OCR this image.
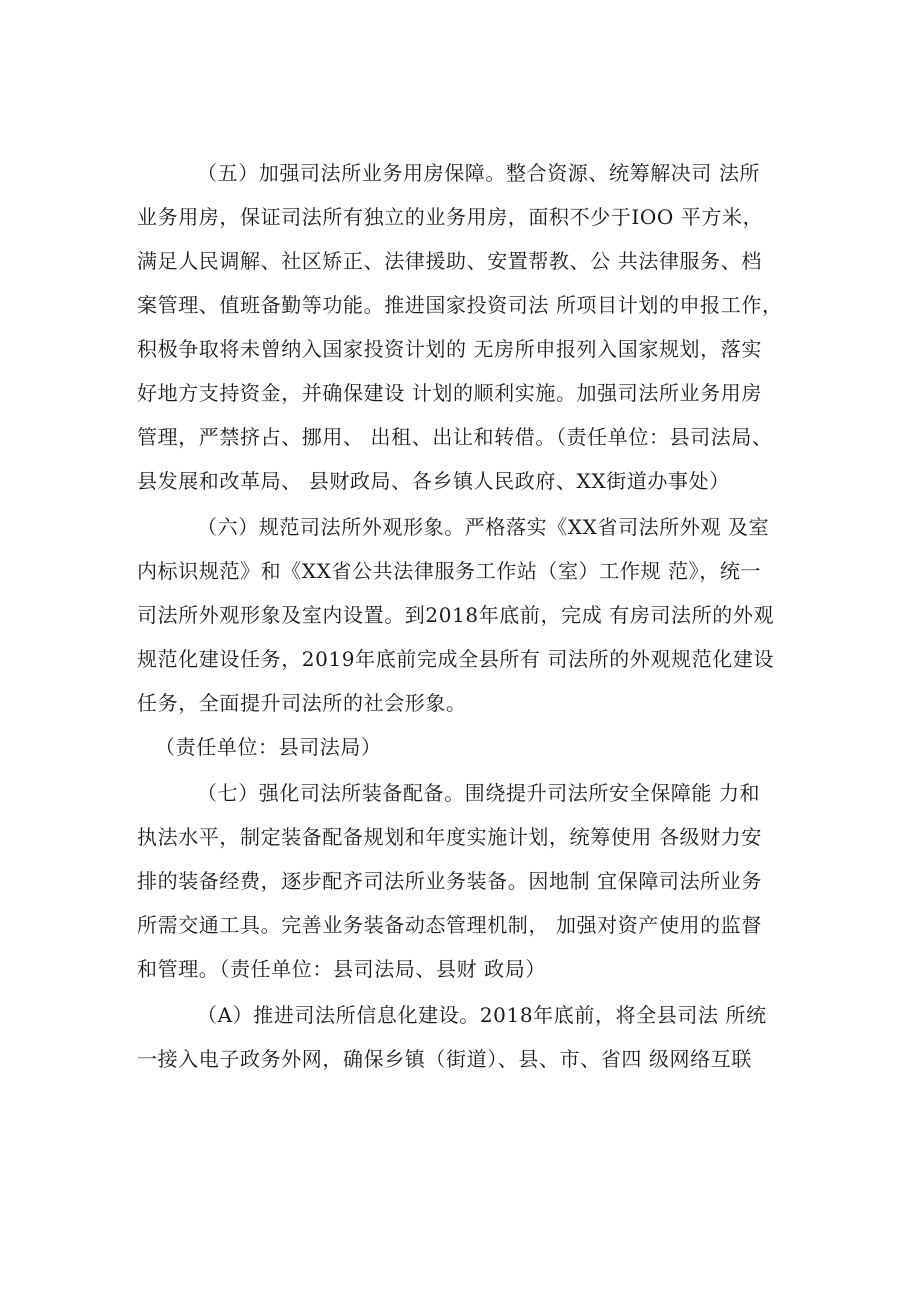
（五）加强司法所业务用房保障。整合资源、统筹解决司 法所
业务用房，保证司法所有独立的业务用房，面积不少于IOO 平方米，
满足人民调解、社区矫正、法律援助、安置帮教、公 共法律服务、档
案管理、值班备勤等功能。推进国家投资司法 所项目计划的申报工作，
积极争取将未曾纳入国家投资计划的 无房所申报列入国家规划，落实
好地方支持资金，并确保建设 计划的顺利实施。加强司法所业务用房
管理，严禁挤占、挪用、 出租、出让和转借。（责任单位：县司法局、
县发展和改革局、 县财政局、各乡镇人民政府、XX街道办事处）
（六）规范司法所外观形象。严格落实《XX省司法所外观 及室
内标识规范》和《XX省公共法律服务工作站（室）工作规 范》，统一
司法所外观形象及室内设置。到2018年底前，完成 有房司法所的外观
规范化建设任务，2019年底前完成全县所有 司法所的外观规范化建设
任务，全面提升司法所的社会形象。
（责任单位：县司法局）
（七）强化司法所装备配备。围绕提升司法所安全保障能 力和
执法水平，制定装备配备规划和年度实施计划，统筹使用 各级财力安
排的装备经费，逐步配齐司法所业务装备。因地制 宜保障司法所业务
所需交通工具。完善业务装备动态管理机制， 加强对资产使用的监督
和管理。（责任单位：县司法局、县财 政局）
（A）推进司法所信息化建设。2018年底前，将全县司法 所统
一接入电子政务外网，确保乡镇（街道）、县、市、省四 级网络互联
